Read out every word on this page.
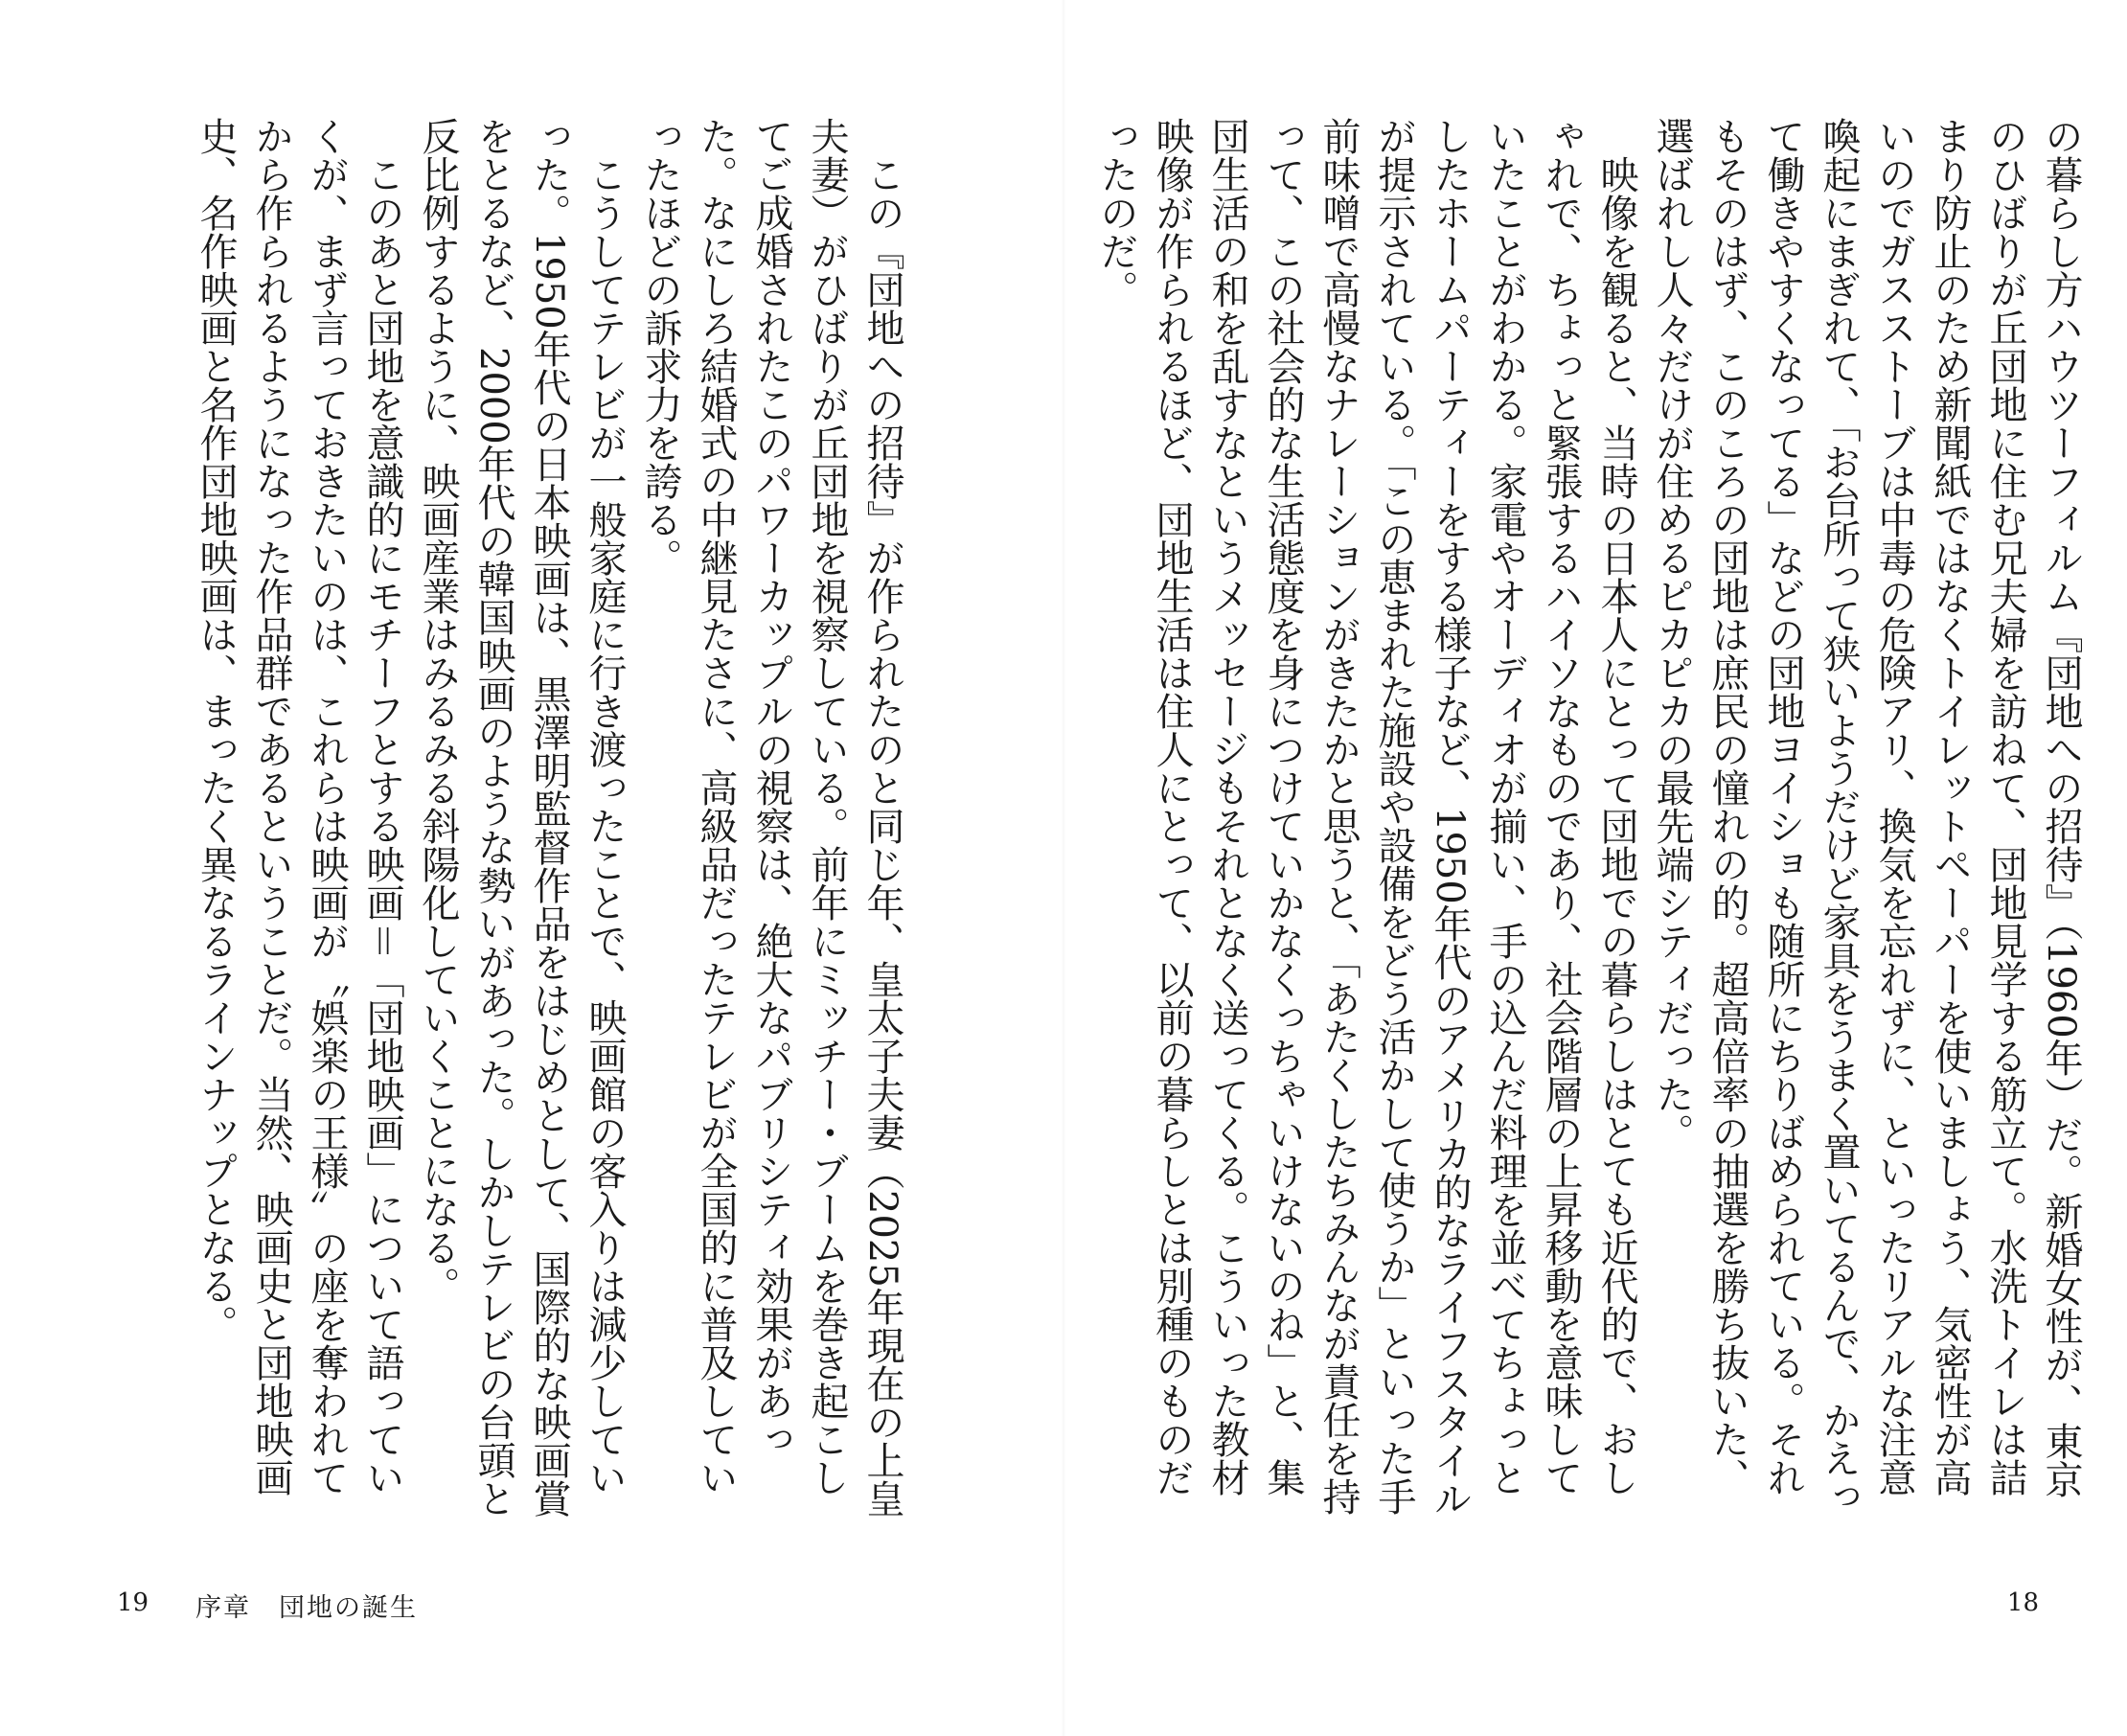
の暮らし方ハウツーフィルム『団地への招待』（1960年）だ。新婚女性が、東京のひばりが丘団地に住む兄夫婦を訪ねて、団地見学する筋立て。水洗トイレは詰まり防止のため新聞紙ではなくトイレットペーパーを使いましょう、気密性が高いのでガスストーブは中毒の危険アリ、換気を忘れずに、といったリアルな注意喚起にまぎれて、「お台所って狭いようだけど家具をうまく置いてるんで、かえって働きやすくなってる」などの団地ヨイショも随所にちりばめられている。それもそのはず、このころの団地は庶民の憧れの的。超高倍率の抽選を勝ち抜いた、選ばれし人々だけが住めるピカピカの最先端シティだった。

映像を観ると、当時の日本人にとって団地での暮らしはとても近代的で、おしゃれで、ちょっと緊張するハイソなものであり、社会階層の上昇移動を意味していたことがわかる。家電やオーディオが揃い、手の込んだ料理を並べてちょっとしたホームパーティーをする様子など、1950年代のアメリカ的なライフスタイルが提示されている。「この恵まれた施設や設備をどう活かして使うか」といった手前味噌で高慢なナレーションがきたかと思うと、「あたくしたちみんなが責任を持って、この社会的な生活態度を身につけていかなくっちゃいけないのね」と、集団生活の和を乱すなというメッセージもそれとなく送ってくる。こういった教材映像が作られるほど、団地生活は住人にとって、以前の暮らしとは別種のものだったのだ。

18

この『団地への招待』が作られたのと同じ年、皇太子夫妻（2025年現在の上皇夫妻）がひばりが丘団地を視察している。前年にミッチー・ブームを巻き起こしてご成婚されたこのパワーカップルの視察は、絶大なパブリシティ効果があった。なにしろ結婚式の中継見たさに、高級品だったテレビが全国的に普及していったほどの訴求力を誇る。

こうしてテレビが一般家庭に行き渡ったことで、映画館の客入りは減少していった。1950年代の日本映画は、黒澤明監督作品をはじめとして、国際的な映画賞をとるなど、2000年代の韓国映画のような勢いがあった。しかしテレビの台頭と反比例するように、映画産業はみるみる斜陽化していくことになる。

このあと団地を意識的にモチーフとする映画＝「団地映画」について語っていくが、まず言っておきたいのは、これらは映画が〝娯楽の王様〟の座を奪われてから作られるようになった作品群であるということだ。当然、映画史と団地映画史、名作映画と名作団地映画は、まったく異なるラインナップとなる。

19 序章　団地の誕生
